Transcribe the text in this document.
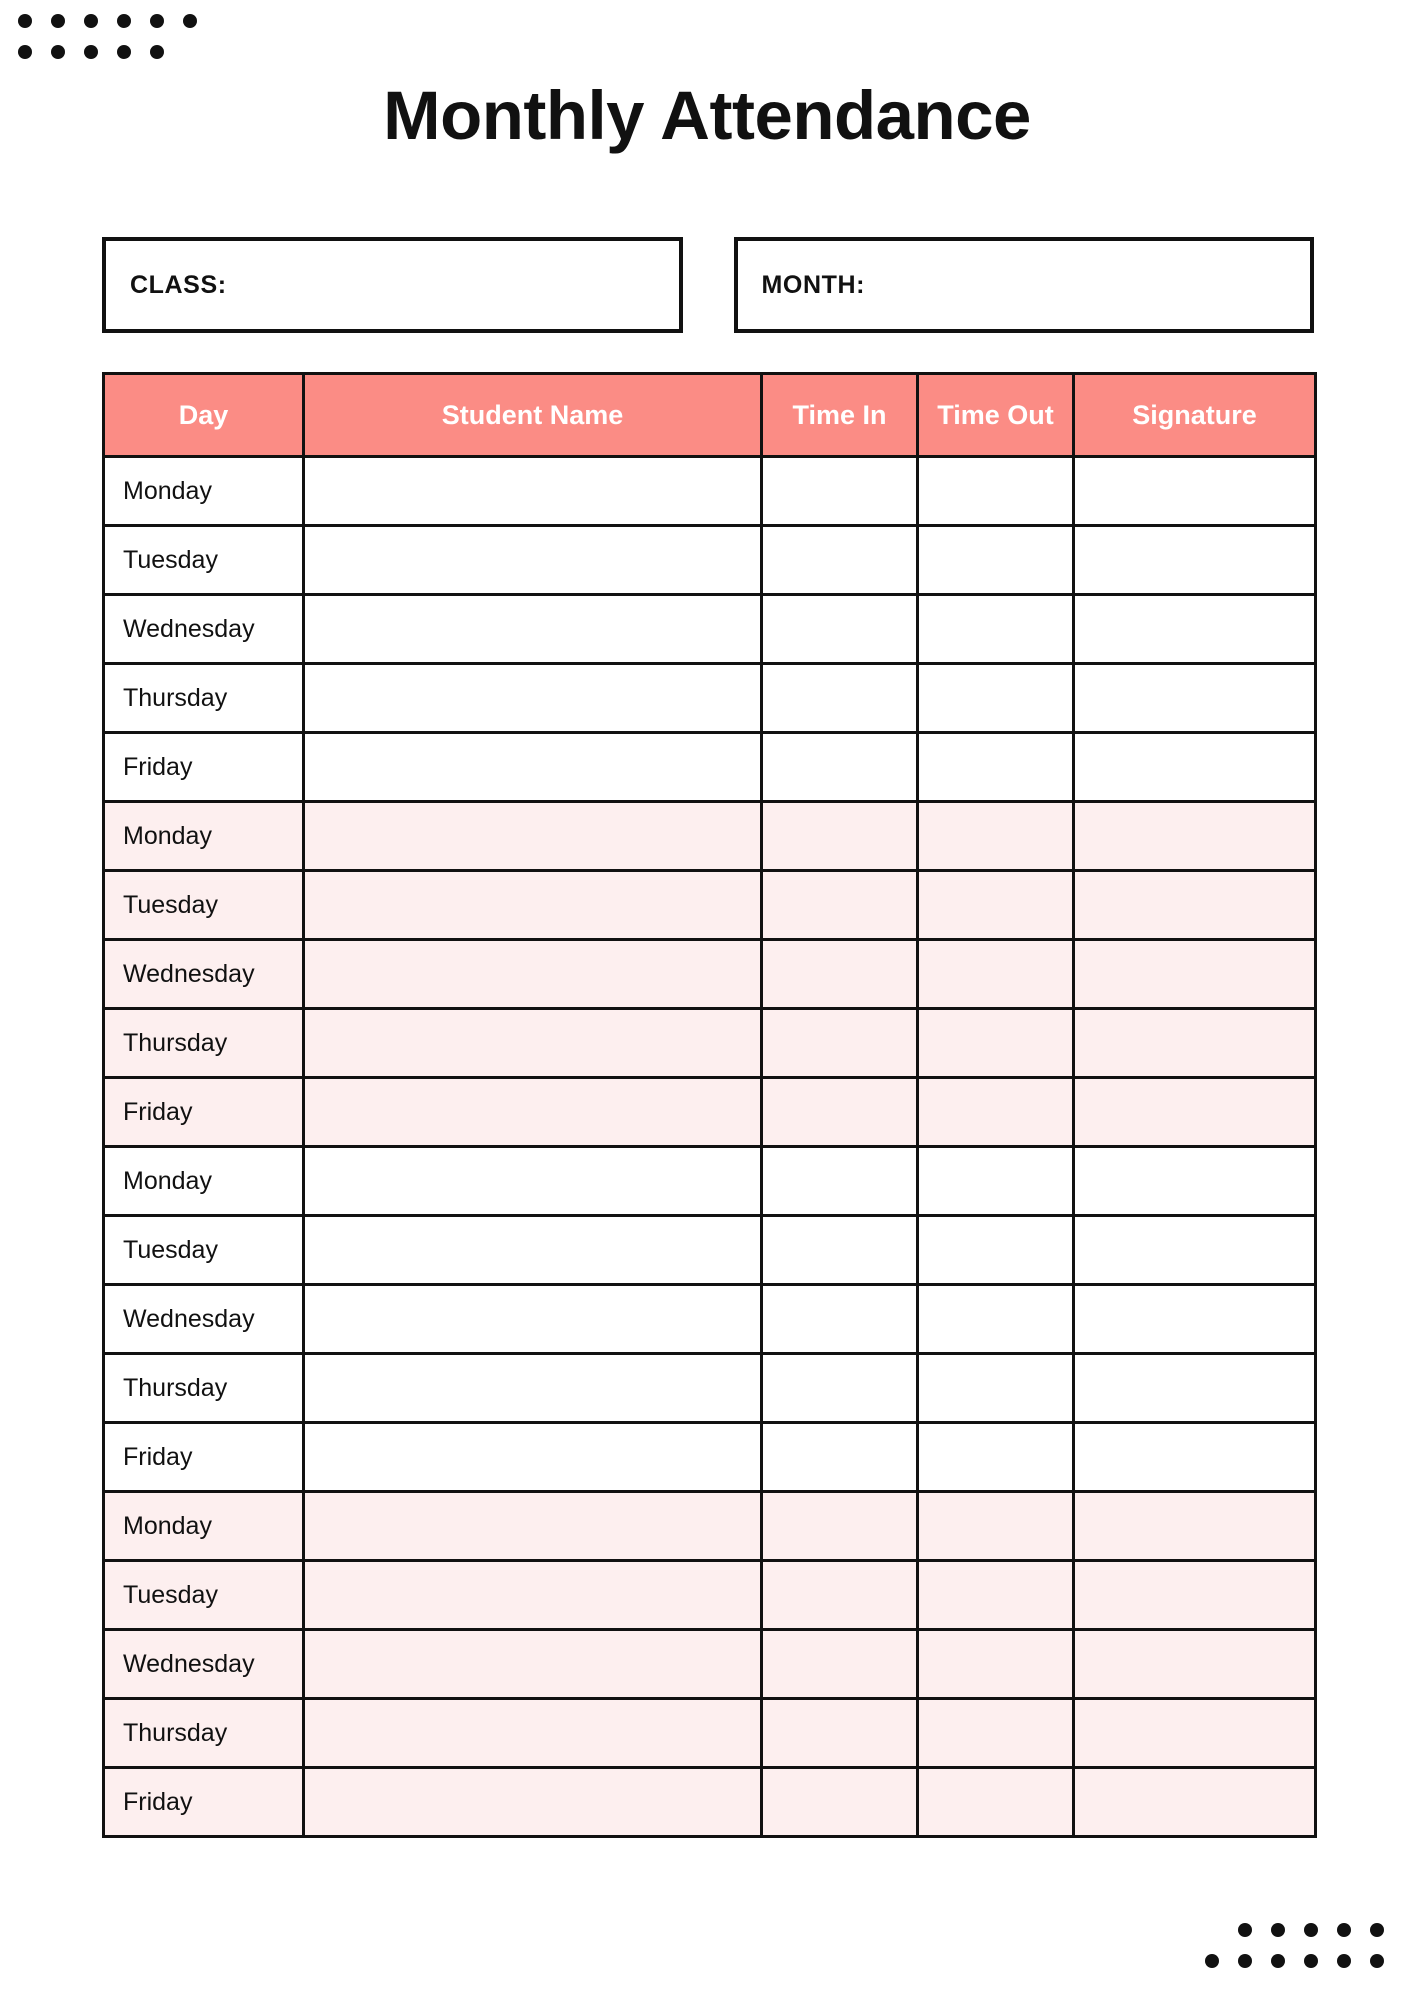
Monthly Attendance
CLASS:	MONTH:
Day	Student Name	Time In	Time Out	Signature
Monday				
Tuesday				
Wednesday				
Thursday				
Friday				
Monday				
Tuesday				
Wednesday				
Thursday				
Friday				
Monday				
Tuesday				
Wednesday				
Thursday				
Friday				
Monday				
Tuesday				
Wednesday				
Thursday				
Friday				
